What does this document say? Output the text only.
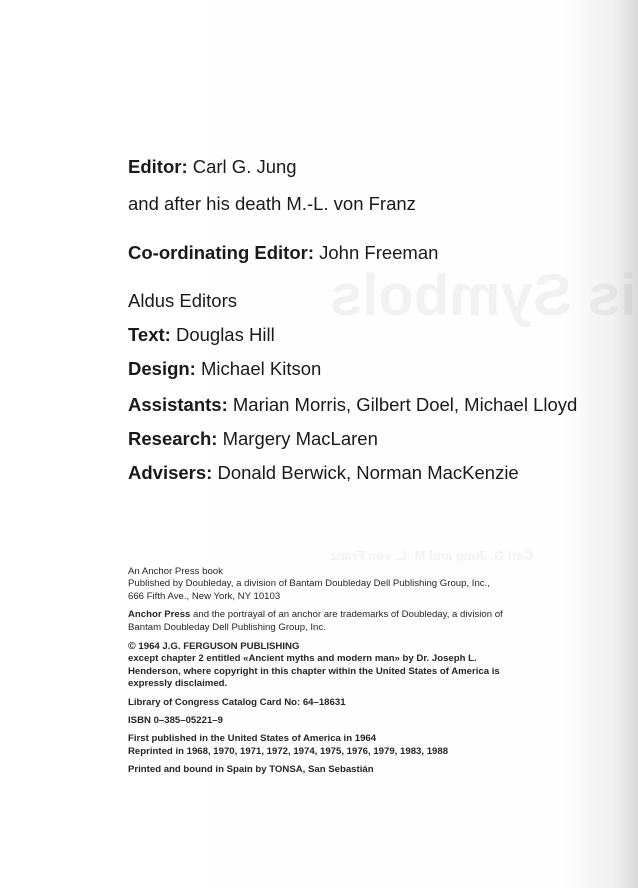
Editor: Carl G. Jung
and after his death M.-L. von Franz
Co-ordinating Editor: John Freeman
Aldus Editors
Text: Douglas Hill
Design: Michael Kitson
Assistants: Marian Morris, Gilbert Doel, Michael Lloyd
Research: Margery MacLaren
Advisers: Donald Berwick, Norman MacKenzie

An Anchor Press book
Published by Doubleday, a division of Bantam Doubleday Dell Publishing Group, Inc., 666 Fifth Ave., New York, NY 10103

Anchor Press and the portrayal of an anchor are trademarks of Doubleday, a division of Bantam Doubleday Dell Publishing Group, Inc.

© 1964 J.G. FERGUSON PUBLISHING
except chapter 2 entitled «Ancient myths and modern man» by Dr. Joseph L. Henderson, where copyright in this chapter within the United States of America is expressly disclaimed.

Library of Congress Catalog Card No: 64–18631

ISBN 0–385–05221–9

First published in the United States of America in 1964
Reprinted in 1968, 1970, 1971, 1972, 1974, 1975, 1976, 1979, 1983, 1988

Printed and bound in Spain by TONSA, San Sebastián
